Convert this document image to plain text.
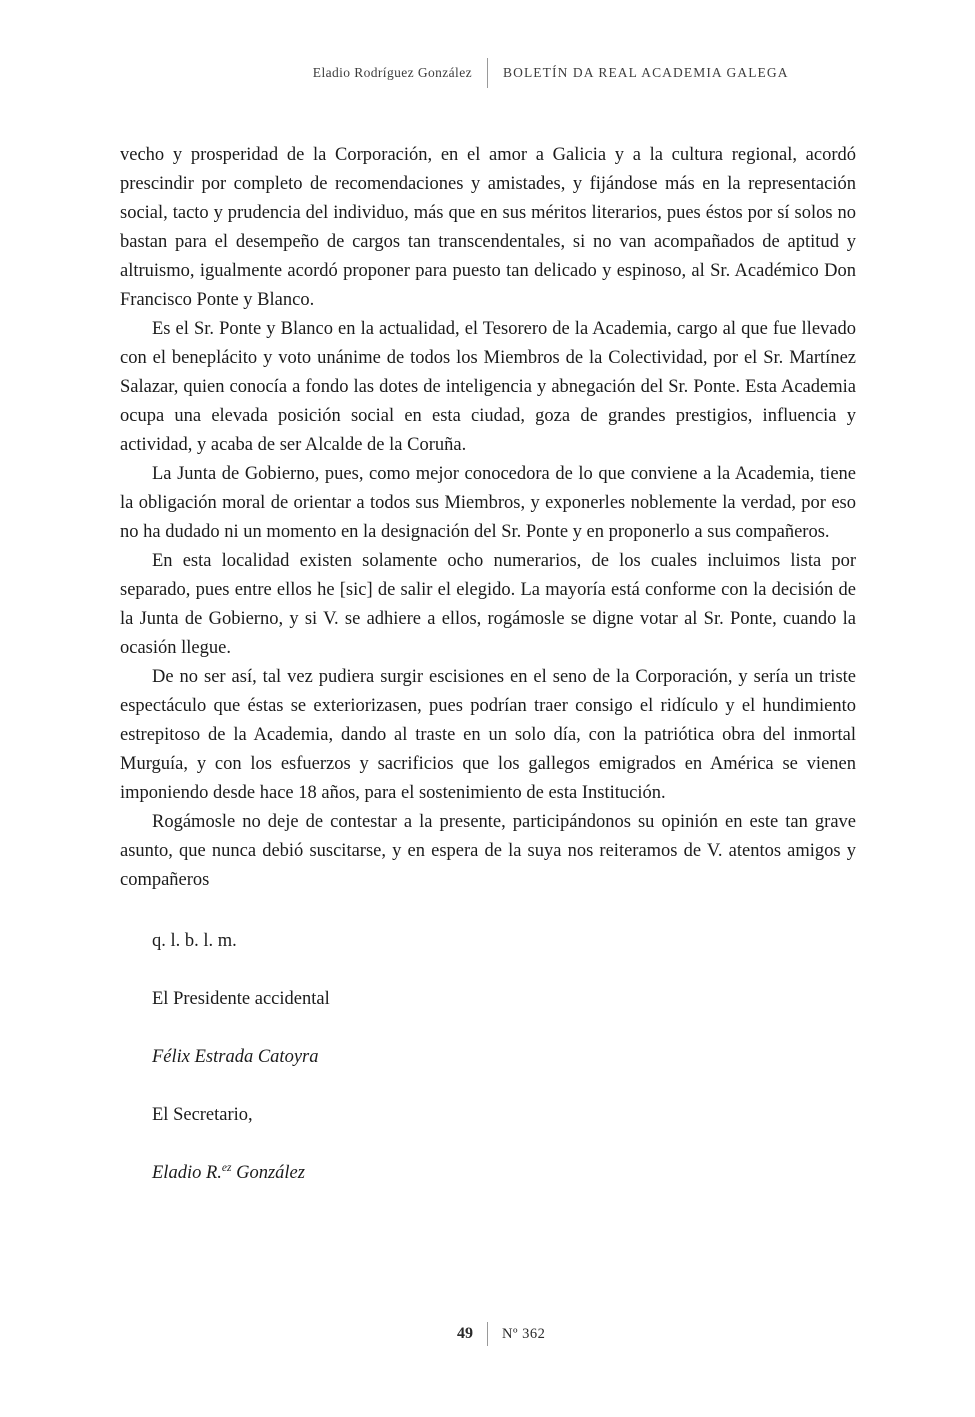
Eladio Rodríguez González	BOLETÍN DA REAL ACADEMIA GALEGA

vecho y prosperidad de la Corporación, en el amor a Galicia y a la cultura regional, acordó prescindir por completo de recomendaciones y amistades, y fijándose más en la representación social, tacto y prudencia del individuo, más que en sus méritos literarios, pues éstos por sí solos no bastan para el desempeño de cargos tan transcendentales, si no van acompañados de aptitud y altruismo, igualmente acordó proponer para puesto tan delicado y espinoso, al Sr. Académico Don Francisco Ponte y Blanco.

Es el Sr. Ponte y Blanco en la actualidad, el Tesorero de la Academia, cargo al que fue llevado con el beneplácito y voto unánime de todos los Miembros de la Colectividad, por el Sr. Martínez Salazar, quien conocía a fondo las dotes de inteligencia y abnegación del Sr. Ponte. Esta Academia ocupa una elevada posición social en esta ciudad, goza de grandes prestigios, influencia y actividad, y acaba de ser Alcalde de la Coruña.

La Junta de Gobierno, pues, como mejor conocedora de lo que conviene a la Academia, tiene la obligación moral de orientar a todos sus Miembros, y exponerles noblemente la verdad, por eso no ha dudado ni un momento en la designación del Sr. Ponte y en proponerlo a sus compañeros.

En esta localidad existen solamente ocho numerarios, de los cuales incluimos lista por separado, pues entre ellos he [sic] de salir el elegido. La mayoría está conforme con la decisión de la Junta de Gobierno, y si V. se adhiere a ellos, rogámosle se digne votar al Sr. Ponte, cuando la ocasión llegue.

De no ser así, tal vez pudiera surgir escisiones en el seno de la Corporación, y sería un triste espectáculo que éstas se exteriorizasen, pues podrían traer consigo el ridículo y el hundimiento estrepitoso de la Academia, dando al traste en un solo día, con la patriótica obra del inmortal Murguía, y con los esfuerzos y sacrificios que los gallegos emigrados en América se vienen imponiendo desde hace 18 años, para el sostenimiento de esta Institución.

Rogámosle no deje de contestar a la presente, participándonos su opinión en este tan grave asunto, que nunca debió suscitarse, y en espera de la suya nos reiteramos de V. atentos amigos y compañeros

q. l. b. l. m.

El Presidente accidental

Félix Estrada Catoyra

El Secretario,

Eladio R.$^{ez}$ González

49	Nº 362
